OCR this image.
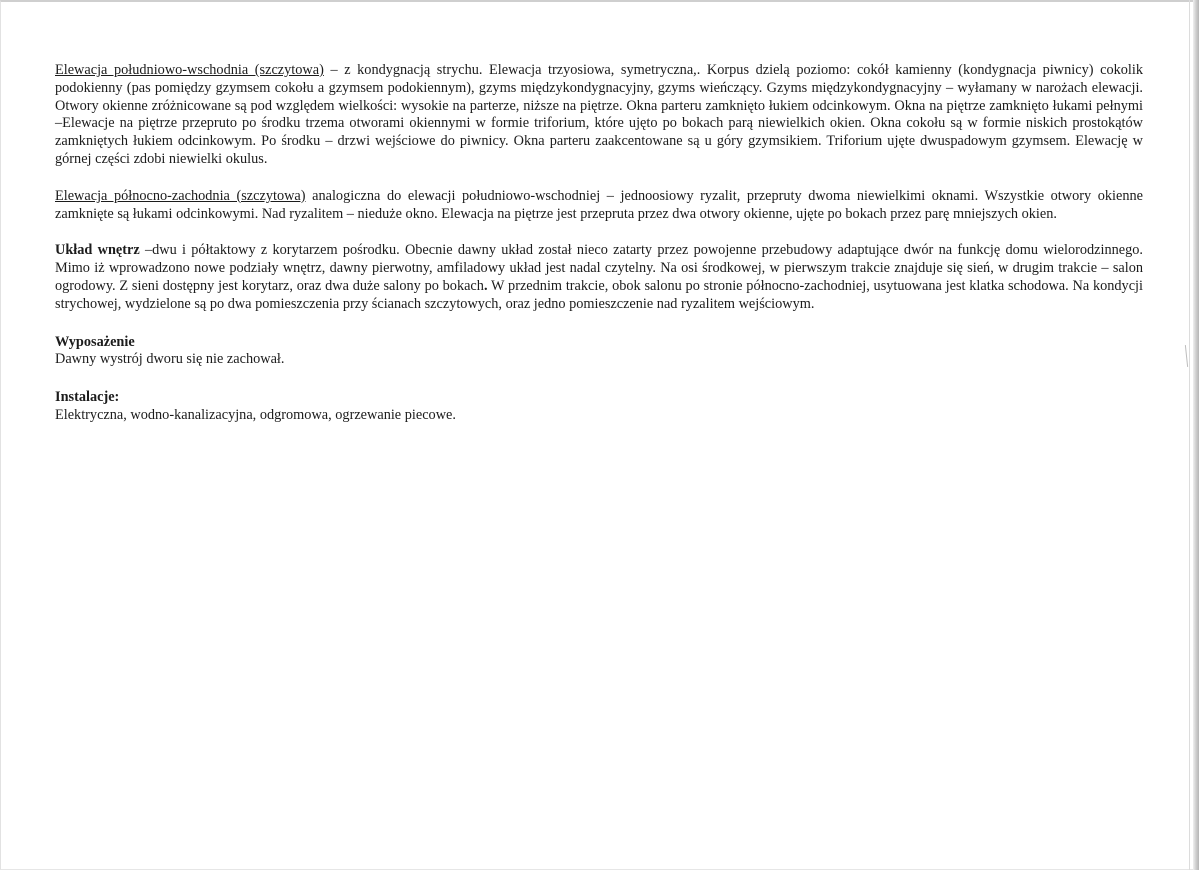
Elewacja południowo-wschodnia (szczytowa) – z kondygnacją strychu. Elewacja trzyosiowa, symetryczna,. Korpus dzielą poziomo: cokół kamienny (kondygnacja piwnicy) cokolik podokienny (pas pomiędzy gzymsem cokołu a gzymsem podokiennym), gzyms międzykondygnacyjny, gzyms wieńczący. Gzyms międzykondygnacyjny – wyłamany w narożach elewacji. Otwory okienne zróżnicowane są pod względem wielkości: wysokie na parterze, niższe na piętrze. Okna parteru zamknięto łukiem odcinkowym. Okna na piętrze zamknięto łukami pełnymi –Elewacje na piętrze przepruto po środku trzema otworami okiennymi w formie triforium, które ujęto po bokach parą niewielkich okien. Okna cokołu są w formie niskich prostokątów zamkniętych łukiem odcinkowym. Po środku – drzwi wejściowe do piwnicy. Okna parteru zaakcentowane są u góry gzymsikiem. Triforium ujęte dwuspadowym gzymsem. Elewację w górnej części zdobi niewielki okulus.

Elewacja północno-zachodnia (szczytowa) analogiczna do elewacji południowo-wschodniej – jednoosiowy ryzalit, przepruty dwoma niewielkimi oknami. Wszystkie otwory okienne zamknięte są łukami odcinkowymi. Nad ryzalitem – nieduże okno. Elewacja na piętrze jest przepruta przez dwa otwory okienne, ujęte po bokach przez parę mniejszych okien.

Układ wnętrz –dwu i półtaktowy z korytarzem pośrodku. Obecnie dawny układ został nieco zatarty przez powojenne przebudowy adaptujące dwór na funkcję domu wielorodzinnego. Mimo iż wprowadzono nowe podziały wnętrz, dawny pierwotny, amfiladowy układ jest nadal czytelny. Na osi środkowej, w pierwszym trakcie znajduje się sień, w drugim trakcie – salon ogrodowy. Z sieni dostępny jest korytarz, oraz dwa duże salony po bokach. W przednim trakcie, obok salonu po stronie północno-zachodniej, usytuowana jest klatka schodowa. Na kondycji strychowej, wydzielone są po dwa pomieszczenia przy ścianach szczytowych, oraz jedno pomieszczenie nad ryzalitem wejściowym.

Wyposażenie
Dawny wystrój dworu się nie zachował.
Instalacje:
Elektryczna, wodno-kanalizacyjna, odgromowa, ogrzewanie piecowe.
